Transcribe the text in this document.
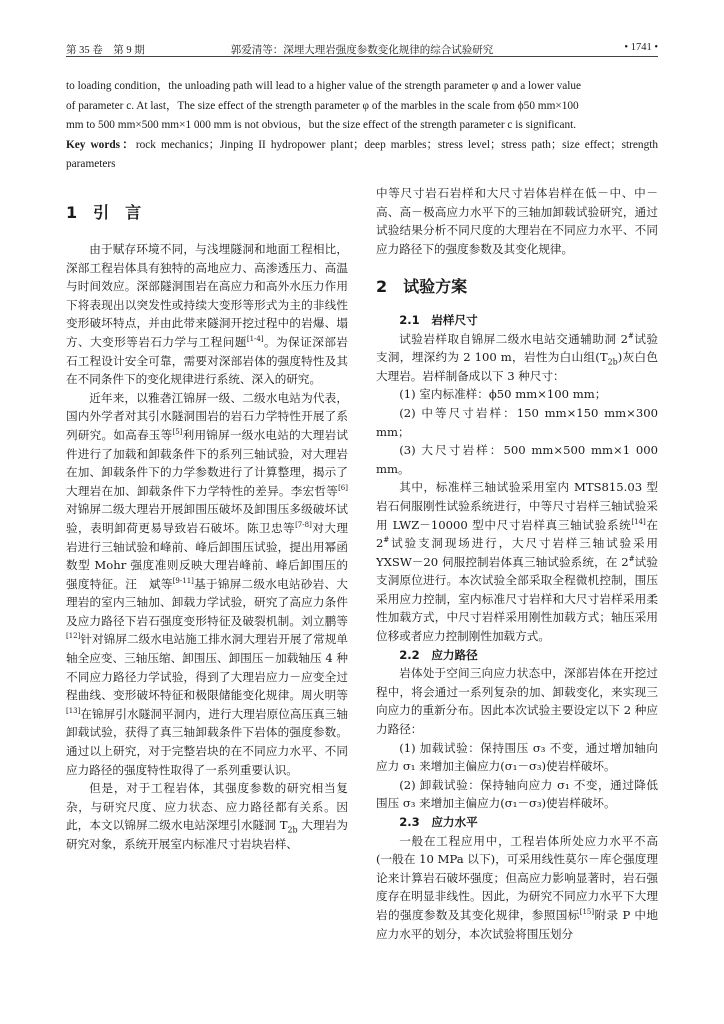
第 35 卷　第 9 期	郭爱清等：深埋大理岩强度参数变化规律的综合试验研究	• 1741 •
to loading condition，the unloading path will lead to a higher value of the strength parameter φ and a lower value
of parameter c. At last，The size effect of the strength parameter φ of the marbles in the scale from ϕ50 mm×100
mm to 500 mm×500 mm×1 000 mm is not obvious，but the size effect of the strength parameter c is significant.
Key words：rock mechanics；Jinping II hydropower plant；deep marbles；stress level；stress path；size effect；strength parameters
1　引　言

由于赋存环境不同，与浅埋隧洞和地面工程相比，深部工程岩体具有独特的高地应力、高渗透压力、高温与时间效应。深部隧洞围岩在高应力和高外水压力作用下将表现出以突发性或持续大变形等形式为主的非线性变形破坏特点，并由此带来隧洞开挖过程中的岩爆、塌方、大变形等岩石力学与工程问题[1-4]。为保证深部岩石工程设计安全可靠，需要对深部岩体的强度特性及其在不同条件下的变化规律进行系统、深入的研究。

近年来，以雅砻江锦屏一级、二级水电站为代表，国内外学者对其引水隧洞围岩的岩石力学特性开展了系列研究。如高春玉等[5]利用锦屏一级水电站的大理岩试件进行了加载和卸载条件下的系列三轴试验，对大理岩在加、卸载条件下的力学参数进行了计算整理，揭示了大理岩在加、卸载条件下力学特性的差异。李宏哲等[6]对锦屏二级大理岩开展卸围压破坏及卸围压多级破坏试验，表明卸荷更易导致岩石破坏。陈卫忠等[7-8]对大理岩进行三轴试验和峰前、峰后卸围压试验，提出用幂函数型 Mohr 强度准则反映大理岩峰前、峰后卸围压的强度特征。汪　斌等[9-11]基于锦屏二级水电站砂岩、大理岩的室内三轴加、卸载力学试验，研究了高应力条件及应力路径下岩石强度变形特征及破裂机制。刘立鹏等[12]针对锦屏二级水电站施工排水洞大理岩开展了常规单轴全应变、三轴压缩、卸围压、卸围压－加载轴压 4 种不同应力路径力学试验，得到了大理岩应力－应变全过程曲线、变形破坏特征和极限储能变化规律。周火明等[13]在锦屏引水隧洞平洞内，进行大理岩原位高压真三轴卸载试验，获得了真三轴卸载条件下岩体的强度参数。通过以上研究，对于完整岩块的在不同应力水平、不同应力路径的强度特性取得了一系列重要认识。

但是，对于工程岩体，其强度参数的研究相当复杂，与研究尺度、应力状态、应力路径都有关系。因此，本文以锦屏二级水电站深埋引水隧洞 $T_{2b}$ 大理岩为研究对象，系统开展室内标准尺寸岩块岩样、

中等尺寸岩石岩样和大尺寸岩体岩样在低－中、中－高、高－极高应力水平下的三轴加卸载试验研究，通过试验结果分析不同尺度的大理岩在不同应力水平、不同应力路径下的强度参数及其变化规律。

2　试验方案

2.1　岩样尺寸

试验岩样取自锦屏二级水电站交通辅助洞 2#试验支洞，埋深约为 2 100 m，岩性为白山组$(T_{2b})$灰白色大理岩。岩样制备成以下 3 种尺寸：

(1) 室内标准样：ϕ50 mm×100 mm；

(2) 中等尺寸岩样：150 mm×150 mm×300 mm；

(3) 大尺寸岩样：500 mm×500 mm×1 000 mm。

其中，标准样三轴试验采用室内 MTS815.03 型岩石伺服刚性试验系统进行，中等尺寸岩样三轴试验采用 LWZ－10000 型中尺寸岩样真三轴试验系统[14]在 2#试验支洞现场进行，大尺寸岩样三轴试验采用 YXSW－20 伺服控制岩体真三轴试验系统，在 2#试验支洞原位进行。本次试验全部采取全程微机控制，围压采用应力控制，室内标准尺寸岩样和大尺寸岩样采用柔性加载方式，中尺寸岩样采用刚性加载方式；轴压采用位移或者应力控制刚性加载方式。

2.2　应力路径

岩体处于空间三向应力状态中，深部岩体在开挖过程中，将会通过一系列复杂的加、卸载变化，来实现三向应力的重新分布。因此本次试验主要设定以下 2 种应力路径：

(1) 加载试验：保持围压 σ₃ 不变，通过增加轴向应力 σ₁ 来增加主偏应力(σ₁－σ₃)使岩样破坏。

(2) 卸载试验：保持轴向应力 σ₁ 不变，通过降低围压 σ₃ 来增加主偏应力(σ₁－σ₃)使岩样破坏。

2.3　应力水平

一般在工程应用中，工程岩体所处应力水平不高(一般在 10 MPa 以下)，可采用线性莫尔－库仑强度理论来计算岩石破坏强度；但高应力影响显著时，岩石强度存在明显非线性。因此，为研究不同应力水平下大理岩的强度参数及其变化规律，参照国标[15]附录 P 中地应力水平的划分，本次试验将围压划分
